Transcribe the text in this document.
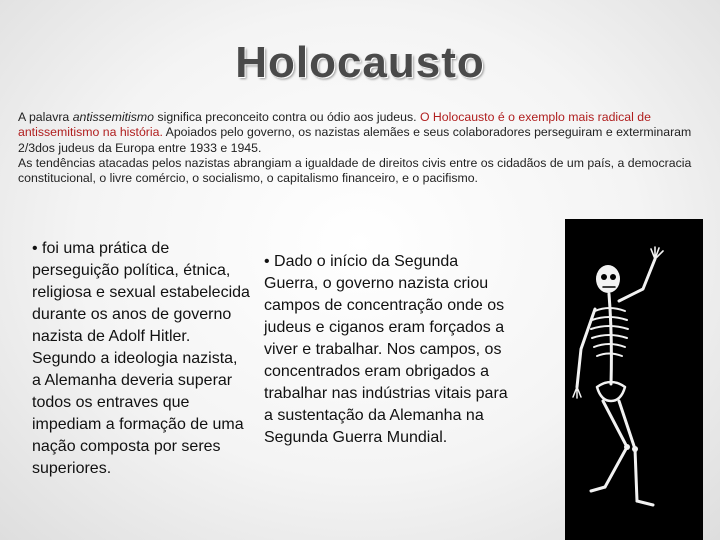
Holocausto

A palavra antissemitismo significa preconceito contra ou ódio aos judeus. O Holocausto é o exemplo mais radical de antissemitismo na história. Apoiados pelo governo, os nazistas alemães e seus colaboradores perseguiram e exterminaram 2/3dos judeus da Europa entre 1933 e 1945.

As tendências atacadas pelos nazistas abrangiam a igualdade de direitos civis entre os cidadãos de um país, a democracia constitucional, o livre comércio, o socialismo, o capitalismo financeiro, e o pacifismo.

• foi uma prática de perseguição política, étnica, religiosa e sexual estabelecida durante os anos de governo nazista de Adolf Hitler. Segundo a ideologia nazista, a Alemanha deveria superar todos os entraves que impediam a formação de uma nação composta por seres superiores.
• Dado o início da Segunda Guerra, o governo nazista criou campos de concentração onde os judeus e ciganos eram forçados a viver e trabalhar. Nos campos, os concentrados eram obrigados a trabalhar nas indústrias vitais para a sustentação da Alemanha na Segunda Guerra Mundial.
